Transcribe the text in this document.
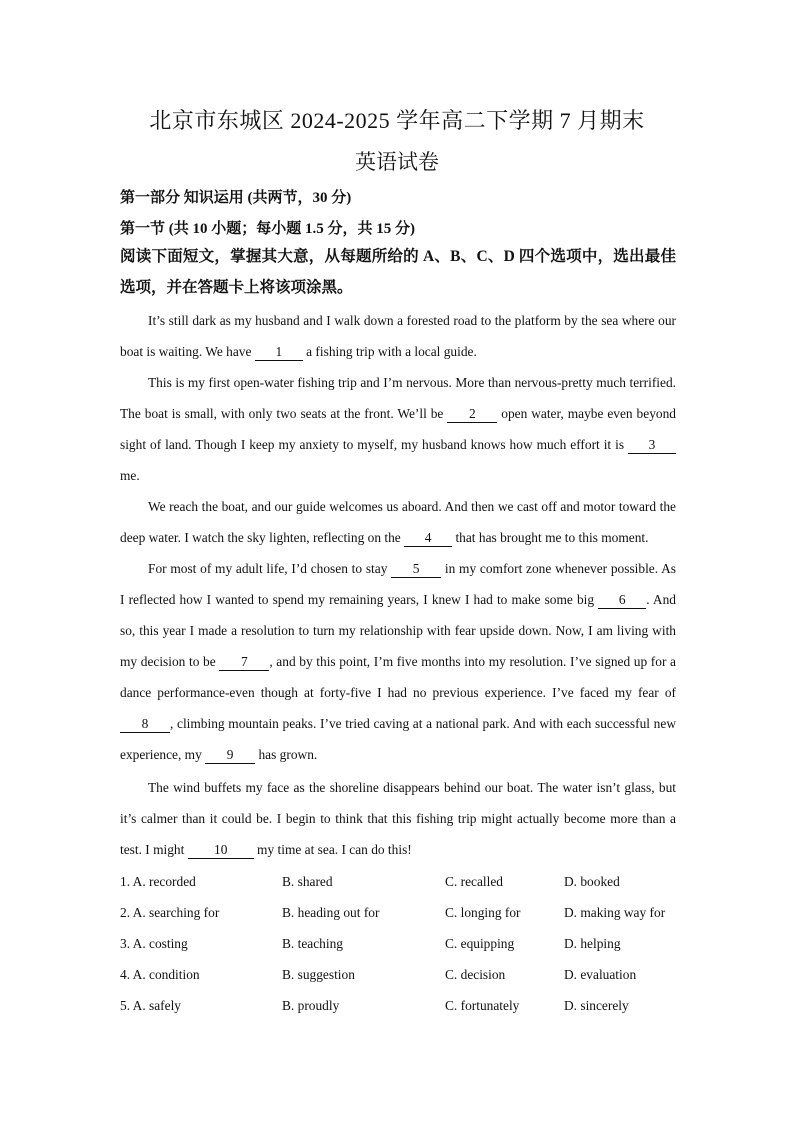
北京市东城区 2024-2025 学年高二下学期 7 月期末
英语试卷
第一部分 知识运用 (共两节，30 分)
第一节 (共 10 小题；每小题 1.5 分，共 15 分)
阅读下面短文，掌握其大意，从每题所给的 A、B、C、D 四个选项中，选出最佳选项，并在答题卡上将该项涂黑。
It’s still dark as my husband and I walk down a forested road to the platform by the sea where our boat is waiting. We have 1 a fishing trip with a local guide.
This is my first open-water fishing trip and I’m nervous. More than nervous-pretty much terrified. The boat is small, with only two seats at the front. We’ll be 2 open water, maybe even beyond sight of land. Though I keep my anxiety to myself, my husband knows how much effort it is 3 me.
We reach the boat, and our guide welcomes us aboard. And then we cast off and motor toward the deep water. I watch the sky lighten, reflecting on the 4 that has brought me to this moment.
For most of my adult life, I’d chosen to stay 5 in my comfort zone whenever possible. As I reflected how I wanted to spend my remaining years, I knew I had to make some big 6 . And so, this year I made a resolution to turn my relationship with fear upside down. Now, I am living with my decision to be 7 , and by this point, I’m five months into my resolution. I’ve signed up for a dance performance-even though at forty-five I had no previous experience. I’ve faced my fear of 8 , climbing mountain peaks. I’ve tried caving at a national park. And with each successful new experience, my 9 has grown.
The wind buffets my face as the shoreline disappears behind our boat. The water isn’t glass, but it’s calmer than it could be. I begin to think that this fishing trip might actually become more than a test. I might 10 my time at sea. I can do this!
1. A. recorded	B. shared	C. recalled	D. booked
2. A. searching for	B. heading out for	C. longing for	D. making way for
3. A. costing	B. teaching	C. equipping	D. helping
4. A. condition	B. suggestion	C. decision	D. evaluation
5. A. safely	B. proudly	C. fortunately	D. sincerely
